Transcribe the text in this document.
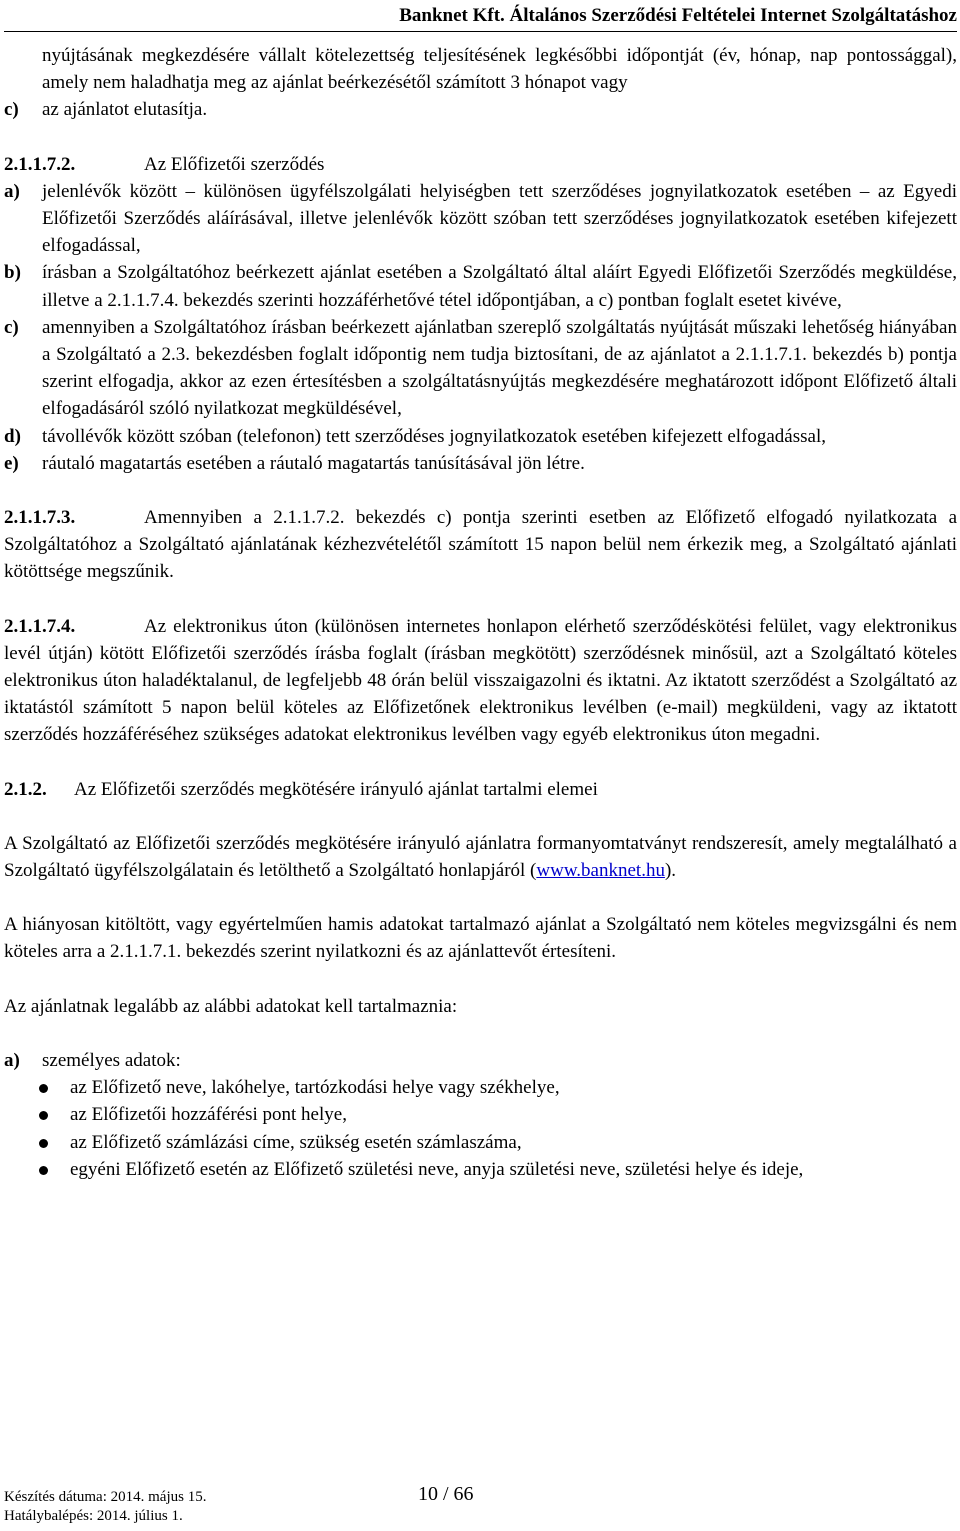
Banknet Kft. Általános Szerződési Feltételei Internet Szolgáltatáshoz
nyújtásának megkezdésére vállalt kötelezettség teljesítésének legkésőbbi időpontját (év, hónap, nap pontossággal), amely nem haladhatja meg az ajánlat beérkezésétől számított 3 hónapot vagy
c) az ajánlatot elutasítja.
2.1.1.7.2.	Az Előfizetői szerződés
a) jelenlévők között – különösen ügyfélszolgálati helyiségben tett szerződéses jognyilatkozatok esetében – az Egyedi Előfizetői Szerződés aláírásával, illetve jelenlévők között szóban tett szerződéses jognyilatkozatok esetében kifejezett elfogadással,
b) írásban a Szolgáltatóhoz beérkezett ajánlat esetében a Szolgáltató által aláírt Egyedi Előfizetői Szerződés megküldése, illetve a 2.1.1.7.4. bekezdés szerinti hozzáférhetővé tétel időpontjában, a c) pontban foglalt esetet kivéve,
c) amennyiben a Szolgáltatóhoz írásban beérkezett ajánlatban szereplő szolgáltatás nyújtását műszaki lehetőség hiányában a Szolgáltató a 2.3. bekezdésben foglalt időpontig nem tudja biztosítani, de az ajánlatot a 2.1.1.7.1. bekezdés b) pontja szerint elfogadja, akkor az ezen értesítésben a szolgáltatásnyújtás megkezdésére meghatározott időpont Előfizető általi elfogadásáról szóló nyilatkozat megküldésével,
d) távollévők között szóban (telefonon) tett szerződéses jognyilatkozatok esetében kifejezett elfogadással,
e) ráutaló magatartás esetében a ráutaló magatartás tanúsításával jön létre.
2.1.1.7.3.	Amennyiben a 2.1.1.7.2. bekezdés c) pontja szerinti esetben az Előfizető elfogadó nyilatkozata a Szolgáltatóhoz a Szolgáltató ajánlatának kézhezvételétől számított 15 napon belül nem érkezik meg, a Szolgáltató ajánlati kötöttsége megszűnik.
2.1.1.7.4.	Az elektronikus úton (különösen internetes honlapon elérhető szerződéskötési felület, vagy elektronikus levél útján) kötött Előfizetői szerződés írásba foglalt (írásban megkötött) szerződésnek minősül, azt a Szolgáltató köteles elektronikus úton haladéktalanul, de legfeljebb 48 órán belül visszaigazolni és iktatni. Az iktatott szerződést a Szolgáltató az iktatástól számított 5 napon belül köteles az Előfizetőnek elektronikus levélben (e-mail) megküldeni, vagy az iktatott szerződés hozzáféréséhez szükséges adatokat elektronikus levélben vagy egyéb elektronikus úton megadni.
2.1.2. Az Előfizetői szerződés megkötésére irányuló ajánlat tartalmi elemei
A Szolgáltató az Előfizetői szerződés megkötésére irányuló ajánlatra formanyomtatványt rendszeresít, amely megtalálható a Szolgáltató ügyfélszolgálatain és letölthető a Szolgáltató honlapjáról (www.banknet.hu).
A hiányosan kitöltött, vagy egyértelműen hamis adatokat tartalmazó ajánlat a Szolgáltató nem köteles megvizsgálni és nem köteles arra a 2.1.1.7.1. bekezdés szerint nyilatkozni és az ajánlattevőt értesíteni.
Az ajánlatnak legalább az alábbi adatokat kell tartalmaznia:
a) személyes adatok:
az Előfizető neve, lakóhelye, tartózkodási helye vagy székhelye,
az Előfizetői hozzáférési pont helye,
az Előfizető számlázási címe, szükség esetén számlaszáma,
egyéni Előfizető esetén az Előfizető születési neve, anyja születési neve, születési helye és ideje,
Készítés dátuma: 2014. május 15.
Hatálybalépés: 2014. július 1.
10 / 66
